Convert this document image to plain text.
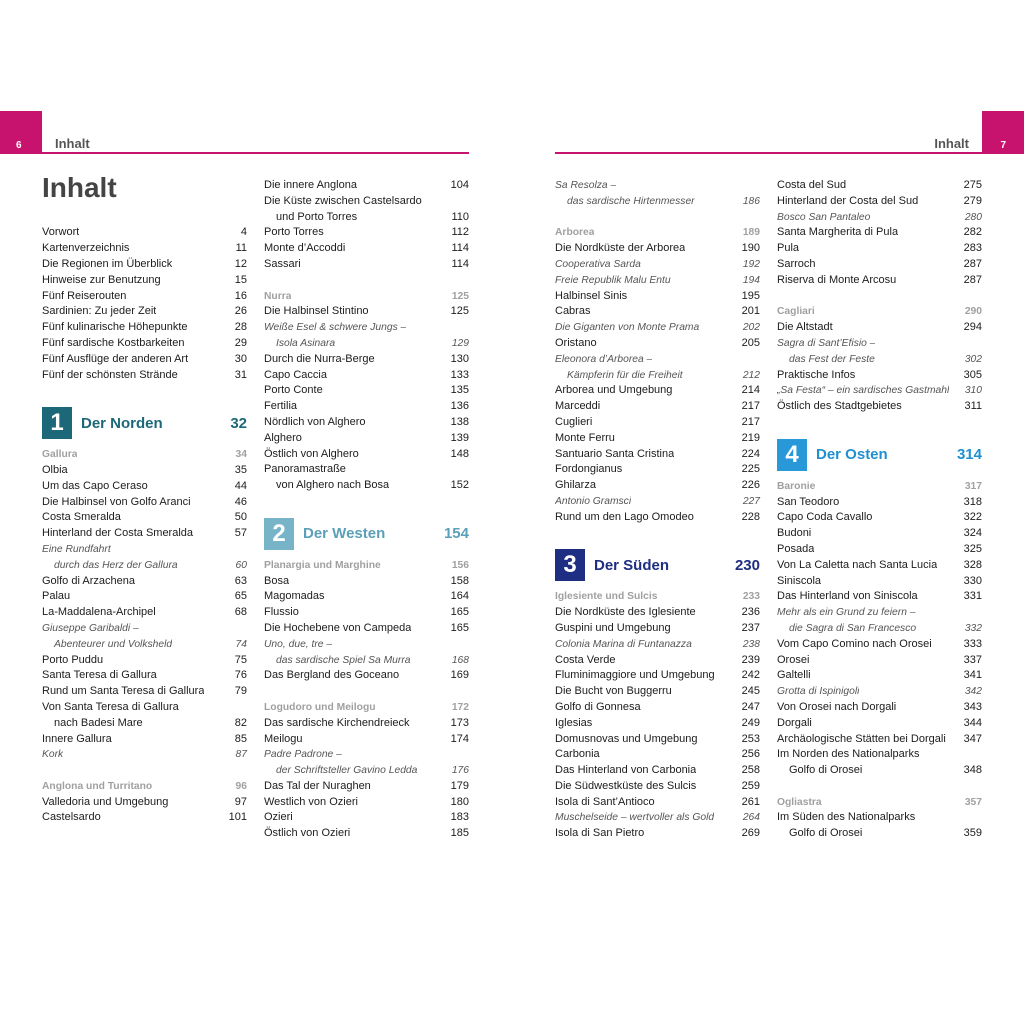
6	7
Inhalt	Inhalt
Inhalt
Vorwort	4
Kartenverzeichnis	11
Die Regionen im Überblick	12
Hinweise zur Benutzung	15
Fünf Reiserouten	16
Sardinien: Zu jeder Zeit	26
Fünf kulinarische Höhepunkte	28
Fünf sardische Kostbarkeiten	29
Fünf Ausflüge der anderen Art	30
Fünf der schönsten Strände	31
1	Der Norden	32
Gallura	34
Olbia	35
Um das Capo Ceraso	44
Die Halbinsel von Golfo Aranci	46
Costa Smeralda	50
Hinterland der Costa Smeralda	57
Eine Rundfahrt
durch das Herz der Gallura	60
Golfo di Arzachena	63
Palau	65
La-Maddalena-Archipel	68
Giuseppe Garibaldi –
Abenteurer und Volksheld	74
Porto Puddu	75
Santa Teresa di Gallura	76
Rund um Santa Teresa di Gallura	79
Von Santa Teresa di Gallura
nach Badesi Mare	82
Innere Gallura	85
Kork	87
Anglona und Turritano	96
Valledoria und Umgebung	97
Castelsardo	101
Die innere Anglona	104
Die Küste zwischen Castelsardo
und Porto Torres	110
Porto Torres	112
Monte d’Accoddi	114
Sassari	114
Nurra	125
Die Halbinsel Stintino	125
Weiße Esel & schwere Jungs –
Isola Asinara	129
Durch die Nurra-Berge	130
Capo Caccia	133
Porto Conte	135
Fertilia	136
Nördlich von Alghero	138
Alghero	139
Östlich von Alghero	148
Panoramastraße
von Alghero nach Bosa	152
2	Der Westen	154
Planargia und Marghine	156
Bosa	158
Magomadas	164
Flussio	165
Die Hochebene von Campeda	165
Uno, due, tre –
das sardische Spiel Sa Murra	168
Das Bergland des Goceano	169
Logudoro und Meilogu	172
Das sardische Kirchendreieck	173
Meilogu	174
Padre Padrone –
der Schriftsteller Gavino Ledda	176
Das Tal der Nuraghen	179
Westlich von Ozieri	180
Ozieri	183
Östlich von Ozieri	185
Sa Resolza –
das sardische Hirtenmesser	186
Arborea	189
Die Nordküste der Arborea	190
Cooperativa Sarda	192
Freie Republik Malu Entu	194
Halbinsel Sinis	195
Cabras	201
Die Giganten von Monte Prama	202
Oristano	205
Eleonora d’Arborea –
Kämpferin für die Freiheit	212
Arborea und Umgebung	214
Marceddi	217
Cuglieri	217
Monte Ferru	219
Santuario Santa Cristina	224
Fordongianus	225
Ghilarza	226
Antonio Gramsci	227
Rund um den Lago Omodeo	228
3	Der Süden	230
Iglesiente und Sulcis	233
Die Nordküste des Iglesiente	236
Guspini und Umgebung	237
Colonia Marina di Funtanazza	238
Costa Verde	239
Fluminimaggiore und Umgebung	242
Die Bucht von Buggerru	245
Golfo di Gonnesa	247
Iglesias	249
Domusnovas und Umgebung	253
Carbonia	256
Das Hinterland von Carbonia	258
Die Südwestküste des Sulcis	259
Isola di Sant’Antioco	261
Muschelseide – wertvoller als Gold	264
Isola di San Pietro	269
Costa del Sud	275
Hinterland der Costa del Sud	279
Bosco San Pantaleo	280
Santa Margherita di Pula	282
Pula	283
Sarroch	287
Riserva di Monte Arcosu	287
Cagliari	290
Die Altstadt	294
Sagra di Sant’Efisio –
das Fest der Feste	302
Praktische Infos	305
„Sa Festa“ – ein sardisches Gastmahl	310
Östlich des Stadtgebietes	311
4	Der Osten	314
Baronie	317
San Teodoro	318
Capo Coda Cavallo	322
Budoni	324
Posada	325
Von La Caletta nach Santa Lucia	328
Siniscola	330
Das Hinterland von Siniscola	331
Mehr als ein Grund zu feiern –
die Sagra di San Francesco	332
Vom Capo Comino nach Orosei	333
Orosei	337
Galtelli	341
Grotta di Ispinigoli	342
Von Orosei nach Dorgali	343
Dorgali	344
Archäologische Stätten bei Dorgali	347
Im Norden des Nationalparks
Golfo di Orosei	348
Ogliastra	357
Im Süden des Nationalparks
Golfo di Orosei	359
